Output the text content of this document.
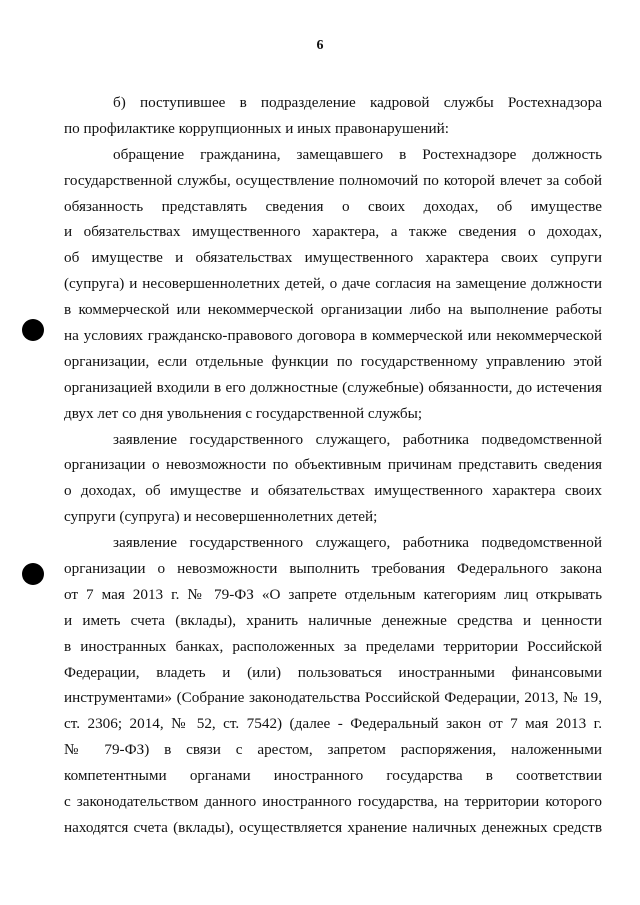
6
б) поступившее в подразделение кадровой службы Ростехнадзора
по профилактике коррупционных и иных правонарушений:
обращение гражданина, замещавшего в Ростехнадзоре должность
государственной службы, осуществление полномочий по которой влечет за собой
обязанность представлять сведения о своих доходах, об имуществе
и обязательствах имущественного характера, а также сведения о доходах,
об имуществе и обязательствах имущественного характера своих супруги
(супруга) и несовершеннолетних детей, о даче согласия на замещение должности
в коммерческой или некоммерческой организации либо на выполнение работы
на условиях гражданско-правового договора в коммерческой или некоммерческой
организации, если отдельные функции по государственному управлению этой
организацией входили в его должностные (служебные) обязанности, до истечения
двух лет со дня увольнения с государственной службы;
заявление государственного служащего, работника подведомственной
организации о невозможности по объективным причинам представить сведения
о доходах, об имуществе и обязательствах имущественного характера своих
супруги (супруга) и несовершеннолетних детей;
заявление государственного служащего, работника подведомственной
организации о невозможности выполнить требования Федерального закона
от 7 мая 2013 г. № 79-ФЗ «О запрете отдельным категориям лиц открывать
и иметь счета (вклады), хранить наличные денежные средства и ценности
в иностранных банках, расположенных за пределами территории Российской
Федерации, владеть и (или) пользоваться иностранными финансовыми
инструментами» (Собрание законодательства Российской Федерации, 2013, № 19,
ст. 2306; 2014, № 52, ст. 7542) (далее - Федеральный закон от 7 мая 2013 г.
№ 79-ФЗ) в связи с арестом, запретом распоряжения, наложенными
компетентными органами иностранного государства в соответствии
с законодательством данного иностранного государства, на территории которого
находятся счета (вклады), осуществляется хранение наличных денежных средств
